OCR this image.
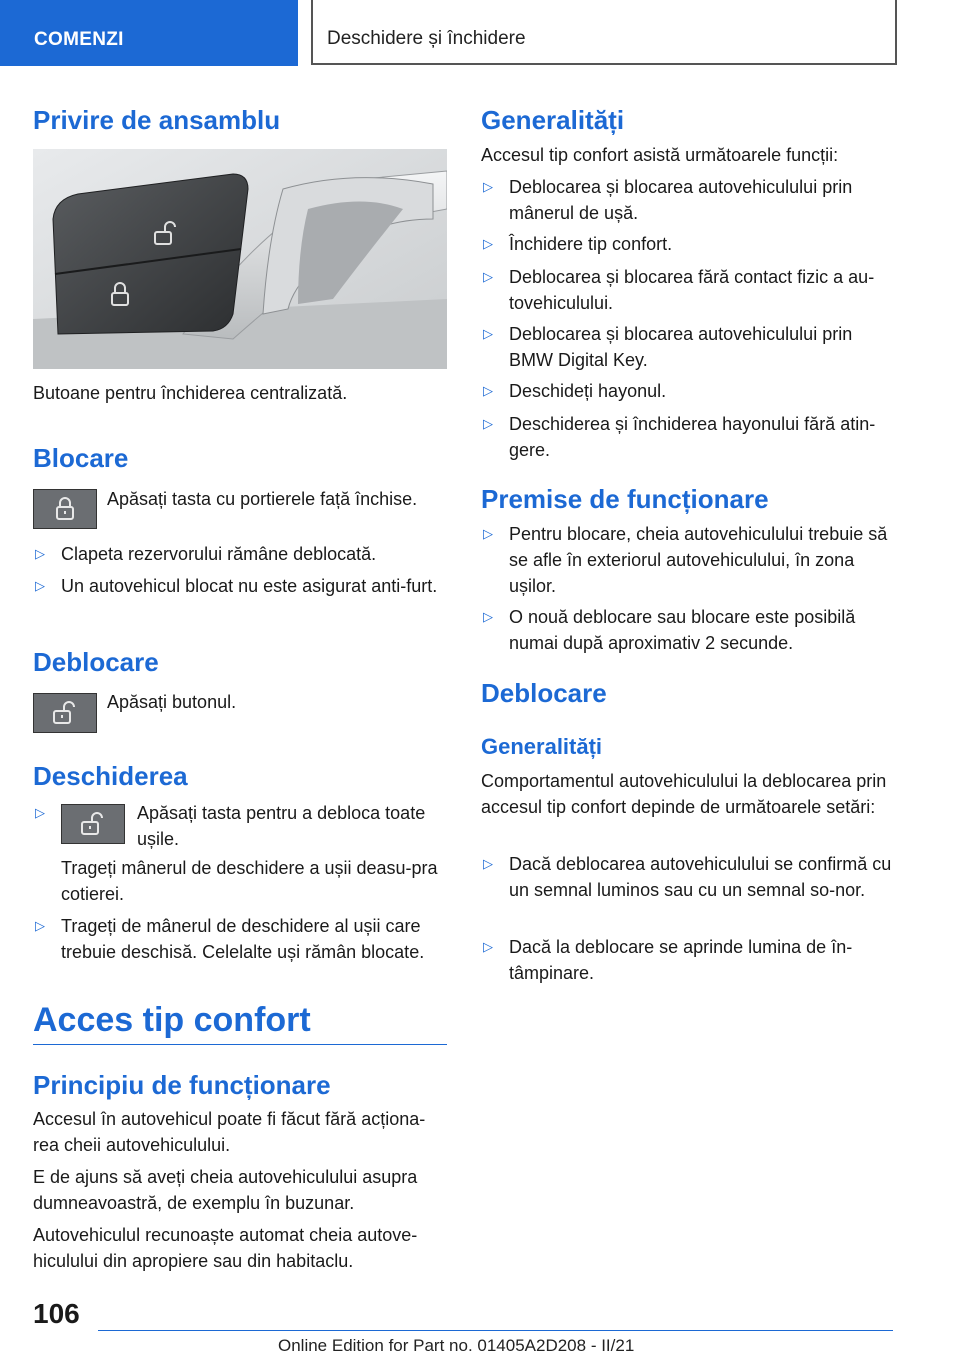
COMENZI	Deschidere și închidere
Privire de ansamblu
Butoane pentru închiderea centralizată.
Blocare
Apăsați tasta cu portierele față închise.
▷ Clapeta rezervorului rămâne deblocată.
▷ Un autovehicul blocat nu este asigurat anti-furt.
Deblocare
Apăsați butonul.
Deschiderea
▷	Apăsați tasta pentru a debloca toate ușile.
Trageți mânerul de deschidere a ușii deasu-pra cotierei.
▷ Trageți de mânerul de deschidere al ușii care trebuie deschisă. Celelalte uși rămân blocate.
Acces tip confort
Principiu de funcționare
Accesul în autovehicul poate fi făcut fără acționa-rea cheii autovehiculului.
E de ajuns să aveți cheia autovehiculului asupra dumneavoastră, de exemplu în buzunar.
Autovehiculul recunoaște automat cheia autove-hiculului din apropiere sau din habitaclu.
Generalități
Accesul tip confort asistă următoarele funcții:
▷ Deblocarea și blocarea autovehiculului prin mânerul de ușă.
▷ Închidere tip confort.
▷ Deblocarea și blocarea fără contact fizic a au-tovehiculului.
▷ Deblocarea și blocarea autovehiculului prin BMW Digital Key.
▷ Deschideți hayonul.
▷ Deschiderea și închiderea hayonului fără atin-gere.
Premise de funcționare
▷ Pentru blocare, cheia autovehiculului trebuie să se afle în exteriorul autovehiculului, în zona ușilor.
▷ O nouă deblocare sau blocare este posibilă numai după aproximativ 2 secunde.
Deblocare
Generalități
Comportamentul autovehiculului la deblocarea prin accesul tip confort depinde de următoarele setări:
▷ Dacă deblocarea autovehiculului se confirmă cu un semnal luminos sau cu un semnal so-nor.
▷ Dacă la deblocare se aprinde lumina de în-tâmpinare.
106
Online Edition for Part no. 01405A2D208 - II/21
